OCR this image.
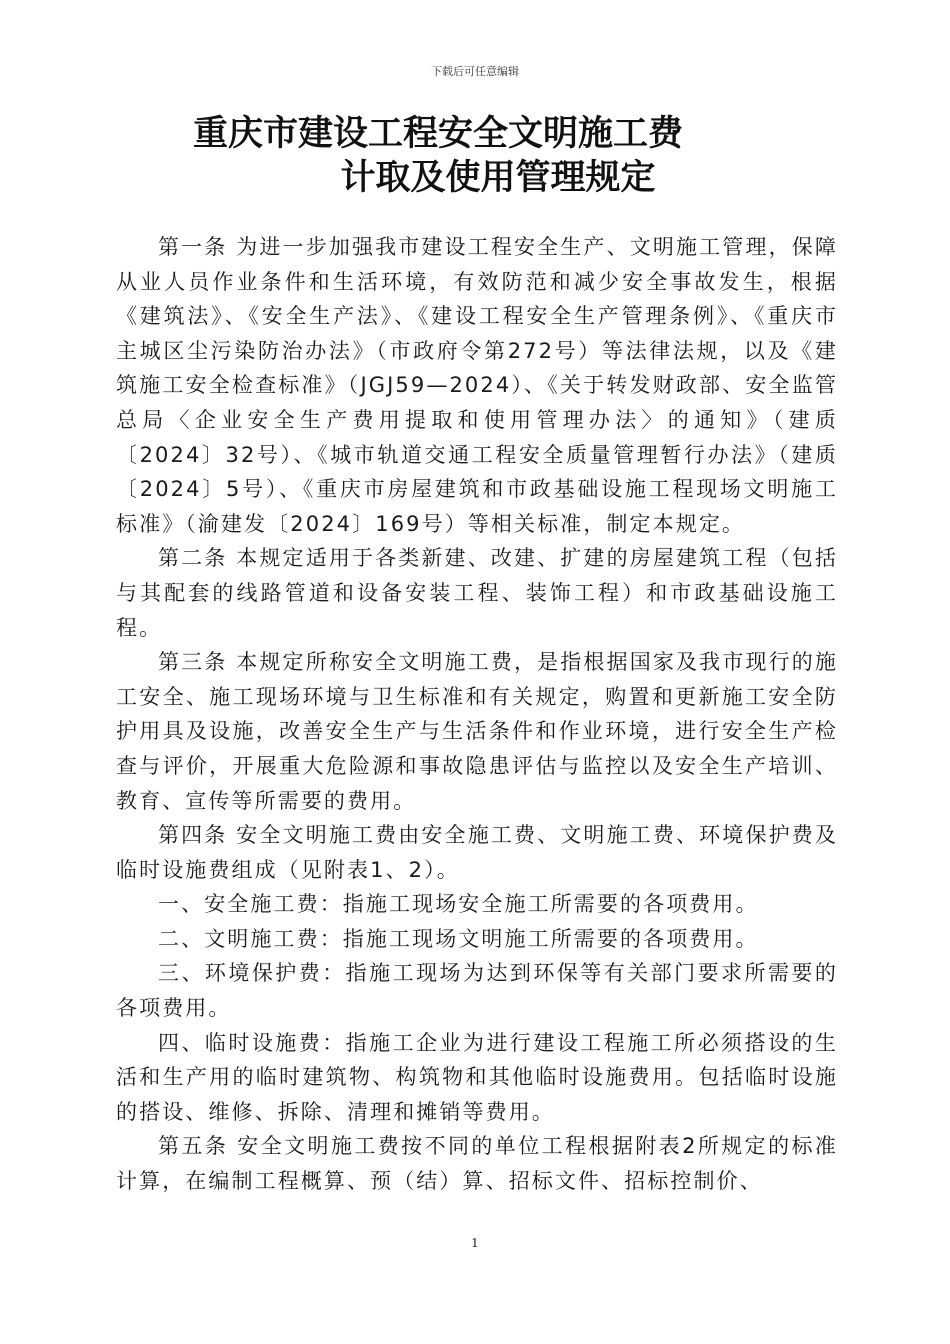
下载后可任意编辑
重庆市建设工程安全文明施工费
计取及使用管理规定

第一条 为进一步加强我市建设工程安全生产、文明施工管理，保障从业人员作业条件和生活环境，有效防范和减少安全事故发生，根据《建筑法》、《安全生产法》、《建设工程安全生产管理条例》、《重庆市主城区尘污染防治办法》（市政府令第272号）等法律法规，以及《建筑施工安全检查标准》（JGJ59—2024）、《关于转发财政部、安全监管总局〈企业安全生产费用提取和使用管理办法〉的通知》（建质〔2024〕32号）、《城市轨道交通工程安全质量管理暂行办法》（建质〔2024〕5号）、《重庆市房屋建筑和市政基础设施工程现场文明施工标准》（渝建发〔2024〕169号）等相关标准，制定本规定。

第二条 本规定适用于各类新建、改建、扩建的房屋建筑工程（包括与其配套的线路管道和设备安装工程、装饰工程）和市政基础设施工程。

第三条 本规定所称安全文明施工费，是指根据国家及我市现行的施工安全、施工现场环境与卫生标准和有关规定，购置和更新施工安全防护用具及设施，改善安全生产与生活条件和作业环境，进行安全生产检查与评价，开展重大危险源和事故隐患评估与监控以及安全生产培训、教育、宣传等所需要的费用。

第四条 安全文明施工费由安全施工费、文明施工费、环境保护费及临时设施费组成（见附表1、2）。

一、安全施工费：指施工现场安全施工所需要的各项费用。

二、文明施工费：指施工现场文明施工所需要的各项费用。

三、环境保护费：指施工现场为达到环保等有关部门要求所需要的各项费用。

四、临时设施费：指施工企业为进行建设工程施工所必须搭设的生活和生产用的临时建筑物、构筑物和其他临时设施费用。包括临时设施的搭设、维修、拆除、清理和摊销等费用。

第五条 安全文明施工费按不同的单位工程根据附表2所规定的标准计算，在编制工程概算、预（结）算、招标文件、招标控制价、

1
